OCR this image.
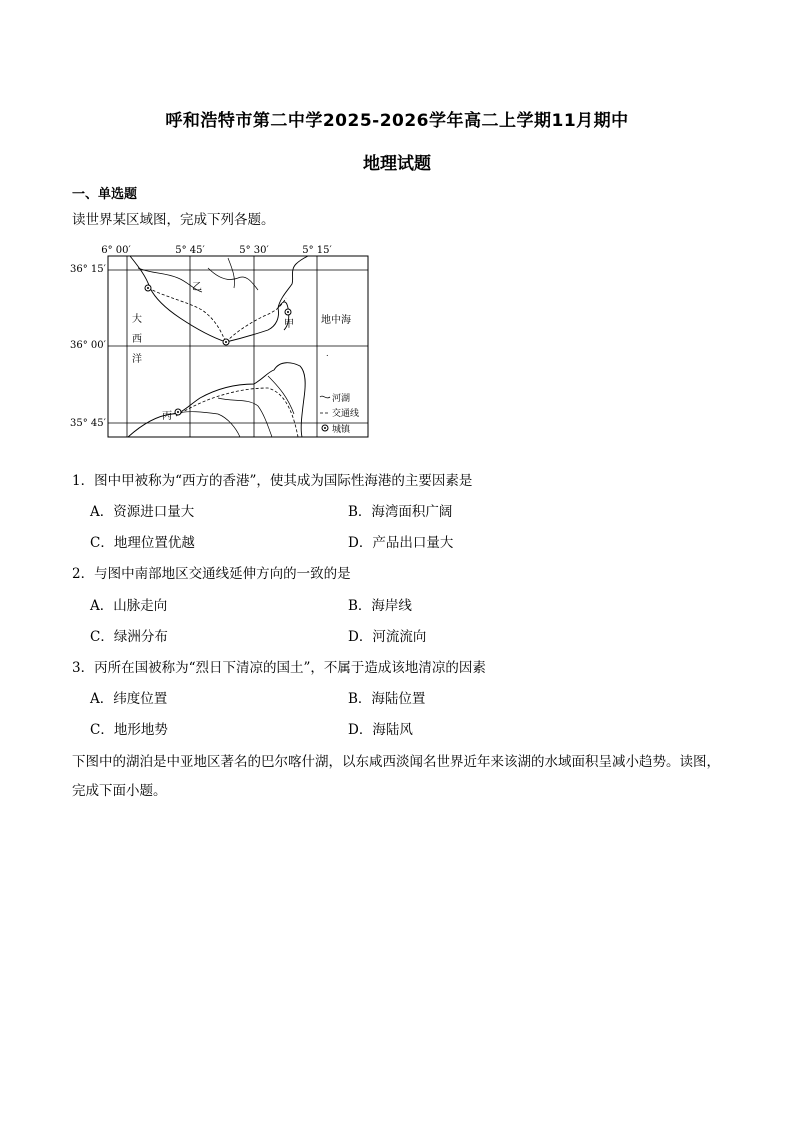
呼和浩特市第二中学2025-2026学年高二上学期11月期中
地理试题
一、单选题
读世界某区域图，完成下列各题。
6° 00′	5° 45′	5° 30′	5° 15′
36° 15′
36° 00′
35° 45′
乙
甲
丙
大
西
洋
地中海
.
河湖
交通线
城镇
1．图中甲被称为“西方的香港”，使其成为国际性海港的主要因素是
A．资源进口量大	B．海湾面积广阔
C．地理位置优越	D．产品出口量大
2．与图中南部地区交通线延伸方向的一致的是
A．山脉走向	B．海岸线
C．绿洲分布	D．河流流向
3．丙所在国被称为“烈日下清凉的国土”，不属于造成该地清凉的因素
A．纬度位置	B．海陆位置
C．地形地势	D．海陆风
下图中的湖泊是中亚地区著名的巴尔喀什湖，以东咸西淡闻名世界近年来该湖的水域面积呈减小趋势。读图，完成下面小题。
